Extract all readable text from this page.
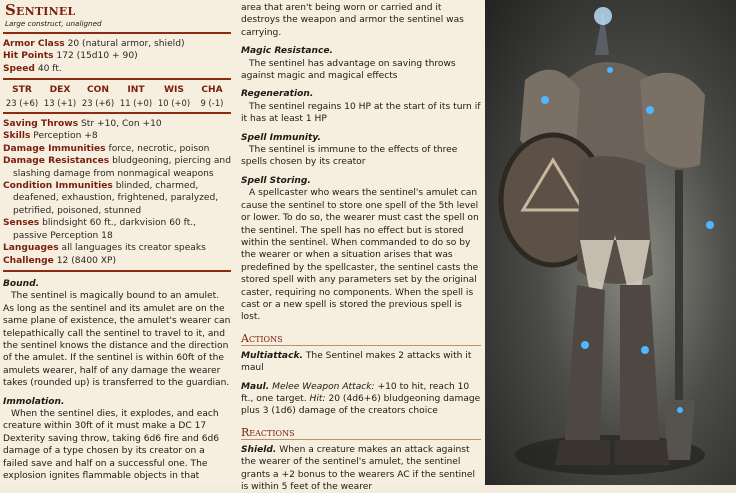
Sentinel
Large construct, unaligned
Armor Class 20 (natural armor, shield)
Hit Points 172 (15d10 + 90)
Speed 40 ft.
STR
23 (+6)
DEX
13 (+1)
CON
23 (+6)
INT
11 (+0)
WIS
10 (+0)
CHA
9 (-1)
Saving Throws Str +10, Con +10
Skills Perception +8
Damage Immunities force, necrotic, poison
Damage Resistances bludgeoning, piercing and slashing damage from nonmagical weapons
Condition Immunities blinded, charmed, deafened, exhaustion, frightened, paralyzed, petrified, poisoned, stunned
Senses blindsight 60 ft., darkvision 60 ft., passive Perception 18
Languages all languages its creator speaks
Challenge 12 (8400 XP)
Bound.

The sentinel is magically bound to an amulet. As long as the sentinel and its amulet are on the same plane of existence, the amulet's wearer can telepathically call the sentinel to travel to it, and the sentinel knows the distance and the direction of the amulet. If the sentinel is within 60ft of the amulets wearer, half of any damage the wearer takes (rounded up) is transferred to the guardian.

Immolation.

When the sentinel dies, it explodes, and each creature within 30ft of it must make a DC 17 Dexterity saving throw, taking 6d6 fire and 6d6 damage of a type chosen by its creator on a failed save and half on a successful one. The explosion ignites flammable objects in that

area that aren't being worn or carried and it destroys the weapon and armor the sentinel was carrying.
Magic Resistance.

The sentinel has advantage on saving throws against magic and magical effects

Regeneration.

The sentinel regains 10 HP at the start of its turn if it has at least 1 HP

Spell Immunity.

The sentinel is immune to the effects of three spells chosen by its creator

Spell Storing.

A spellcaster who wears the sentinel's amulet can cause the sentinel to store one spell of the 5th level or lower. To do so, the wearer must cast the spell on the sentinel. The spell has no effect but is stored within the sentinel. When commanded to do so by the wearer or when a situation arises that was predefined by the spellcaster, the sentinel casts the stored spell with any parameters set by the original caster, requiring no components. When the spell is cast or a new spell is stored the previous spell is lost.

Actions
Multiattack. The Sentinel makes 2 attacks with it maul
Maul. Melee Weapon Attack: +10 to hit, reach 10 ft., one target. Hit: 20 (4d6+6) bludgeoning damage plus 3 (1d6) damage of the creators choice
Reactions
Shield. When a creature makes an attack against the wearer of the sentinel's amulet, the sentinel grants a +2 bonus to the wearers AC if the sentinel is within 5 feet of the wearer
